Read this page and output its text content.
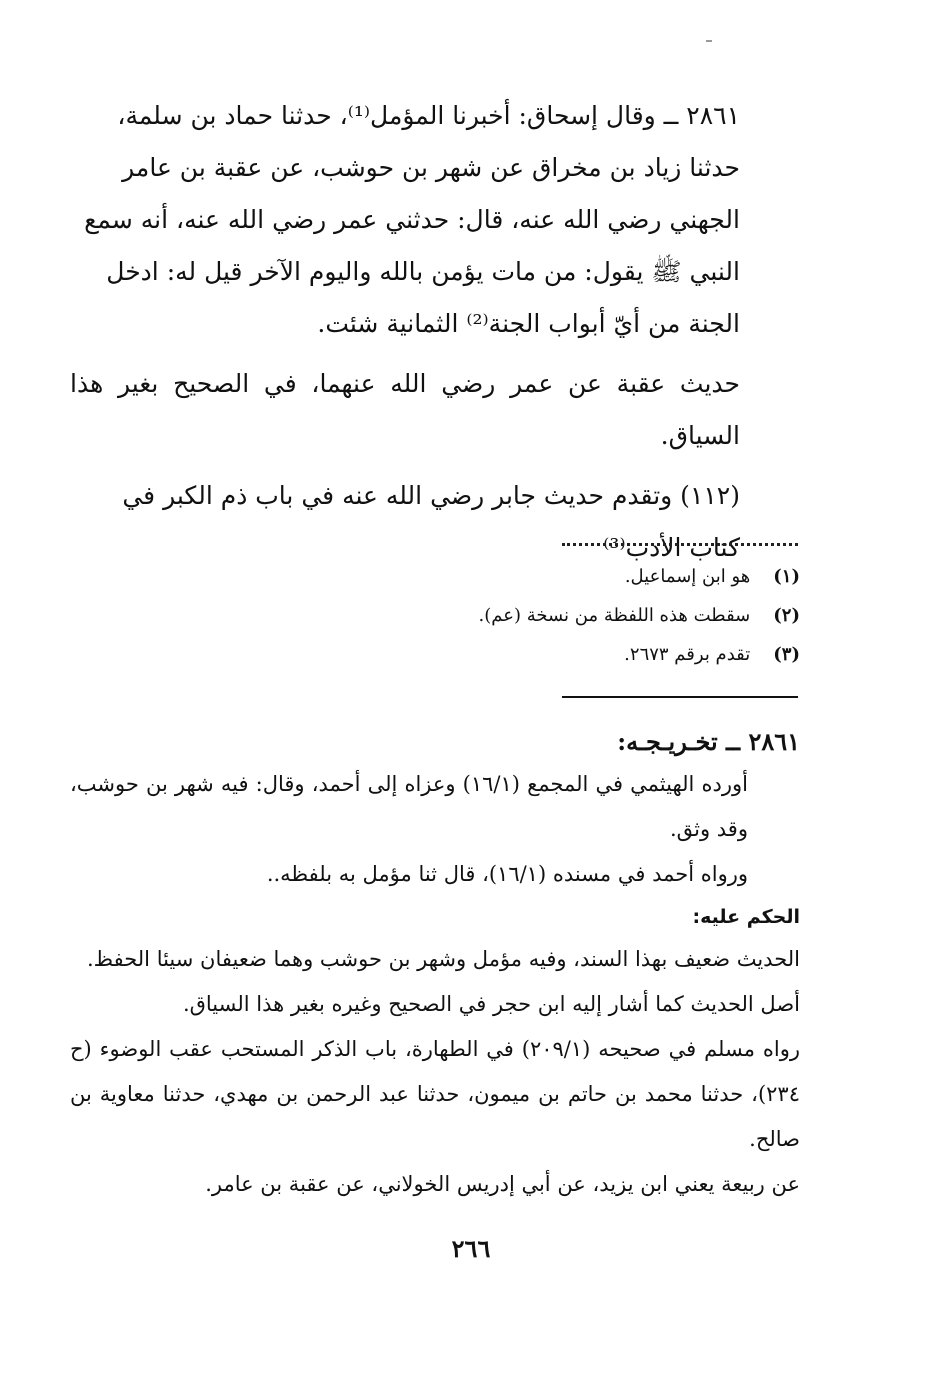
٢٨٦١ ــ وقال إسحاق: أخبرنا المؤمل⁽¹⁾، حدثنا حماد بن سلمة، حدثنا زياد بن مخراق عن شهر بن حوشب، عن عقبة بن عامر الجهني رضي الله عنه، قال: حدثني عمر رضي الله عنه، أنه سمع النبي ﷺ يقول: من مات يؤمن بالله واليوم الآخر قيل له: ادخل الجنة من أيّ أبواب الجنة⁽²⁾ الثمانية شئت.

حديث عقبة عن عمر رضي الله عنهما، في الصحيح بغير هذا السياق.

(١١٢) وتقدم حديث جابر رضي الله عنه في باب ذم الكبر في كتاب الأدب⁽³⁾

(١) هو ابن إسماعيل.
(٢) سقطت هذه اللفظة من نسخة (عم).
(٣) تقدم برقم ٢٦٧٣.

٢٨٦١ ــ تخـريـجـه:

أورده الهيثمي في المجمع (١٦/١) وعزاه إلى أحمد، وقال: فيه شهر بن حوشب، وقد وثق.

ورواه أحمد في مسنده (١٦/١)، قال ثنا مؤمل به بلفظه..

الحكم عليه:

الحديث ضعيف بهذا السند، وفيه مؤمل وشهر بن حوشب وهما ضعيفان سيئا الحفظ.

أصل الحديث كما أشار إليه ابن حجر في الصحيح وغيره بغير هذا السياق.

رواه مسلم في صحيحه (٢٠٩/١) في الطهارة، باب الذكر المستحب عقب الوضوء (ح ٢٣٤)، حدثنا محمد بن حاتم بن ميمون، حدثنا عبد الرحمن بن مهدي، حدثنا معاوية بن صالح.

عن ربيعة يعني ابن يزيد، عن أبي إدريس الخولاني، عن عقبة بن عامر.

٢٦٦
